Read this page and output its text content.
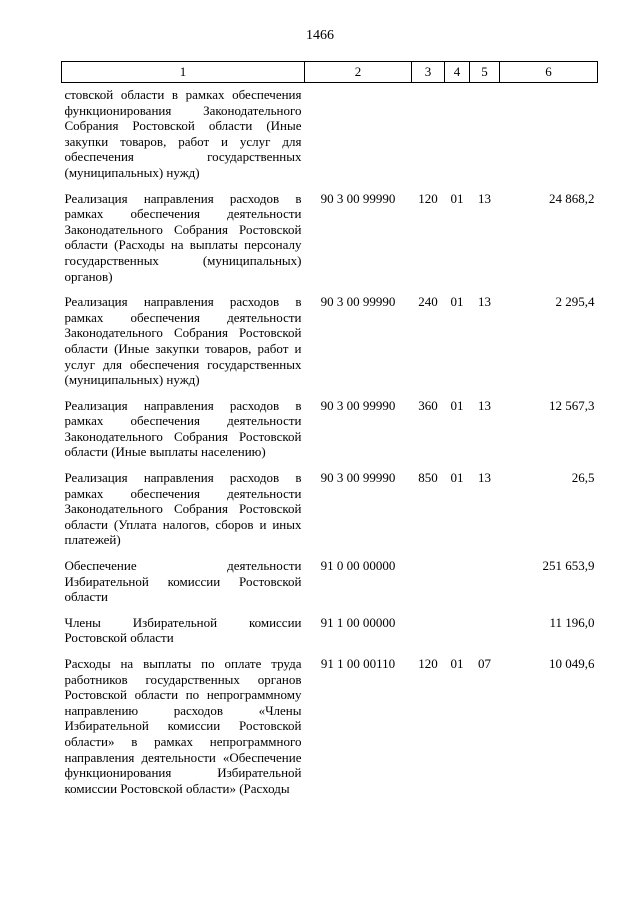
1466
1	2	3	4	5	6
стовской области в рамках обеспечения функционирования Законодательного Собрания Ростовской области (Иные закупки товаров, работ и услуг для обеспечения государственных (муниципальных) нужд)					
Реализация направления расходов в рамках обеспечения деятельности Законодательного Собрания Ростовской области (Расходы на выплаты персоналу государственных (муниципальных) органов)	90 3 00 99990	120	01	13	24 868,2
Реализация направления расходов в рамках обеспечения деятельности Законодательного Собрания Ростовской области (Иные закупки товаров, работ и услуг для обеспечения государственных (муниципальных) нужд)	90 3 00 99990	240	01	13	2 295,4
Реализация направления расходов в рамках обеспечения деятельности Законодательного Собрания Ростовской области (Иные выплаты населению)	90 3 00 99990	360	01	13	12 567,3
Реализация направления расходов в рамках обеспечения деятельности Законодательного Собрания Ростовской области (Уплата налогов, сборов и иных платежей)	90 3 00 99990	850	01	13	26,5
Обеспечение деятельности Избирательной комиссии Ростовской области	91 0 00 00000				251 653,9
Члены Избирательной комиссии Ростовской области	91 1 00 00000				11 196,0
Расходы на выплаты по оплате труда работников государственных органов Ростовской области по непрограммному направлению расходов «Члены Избирательной комиссии Ростовской области» в рамках непрограммного направления деятельности «Обеспечение функционирования Избирательной комиссии Ростовской области» (Расходы	91 1 00 00110	120	01	07	10 049,6
